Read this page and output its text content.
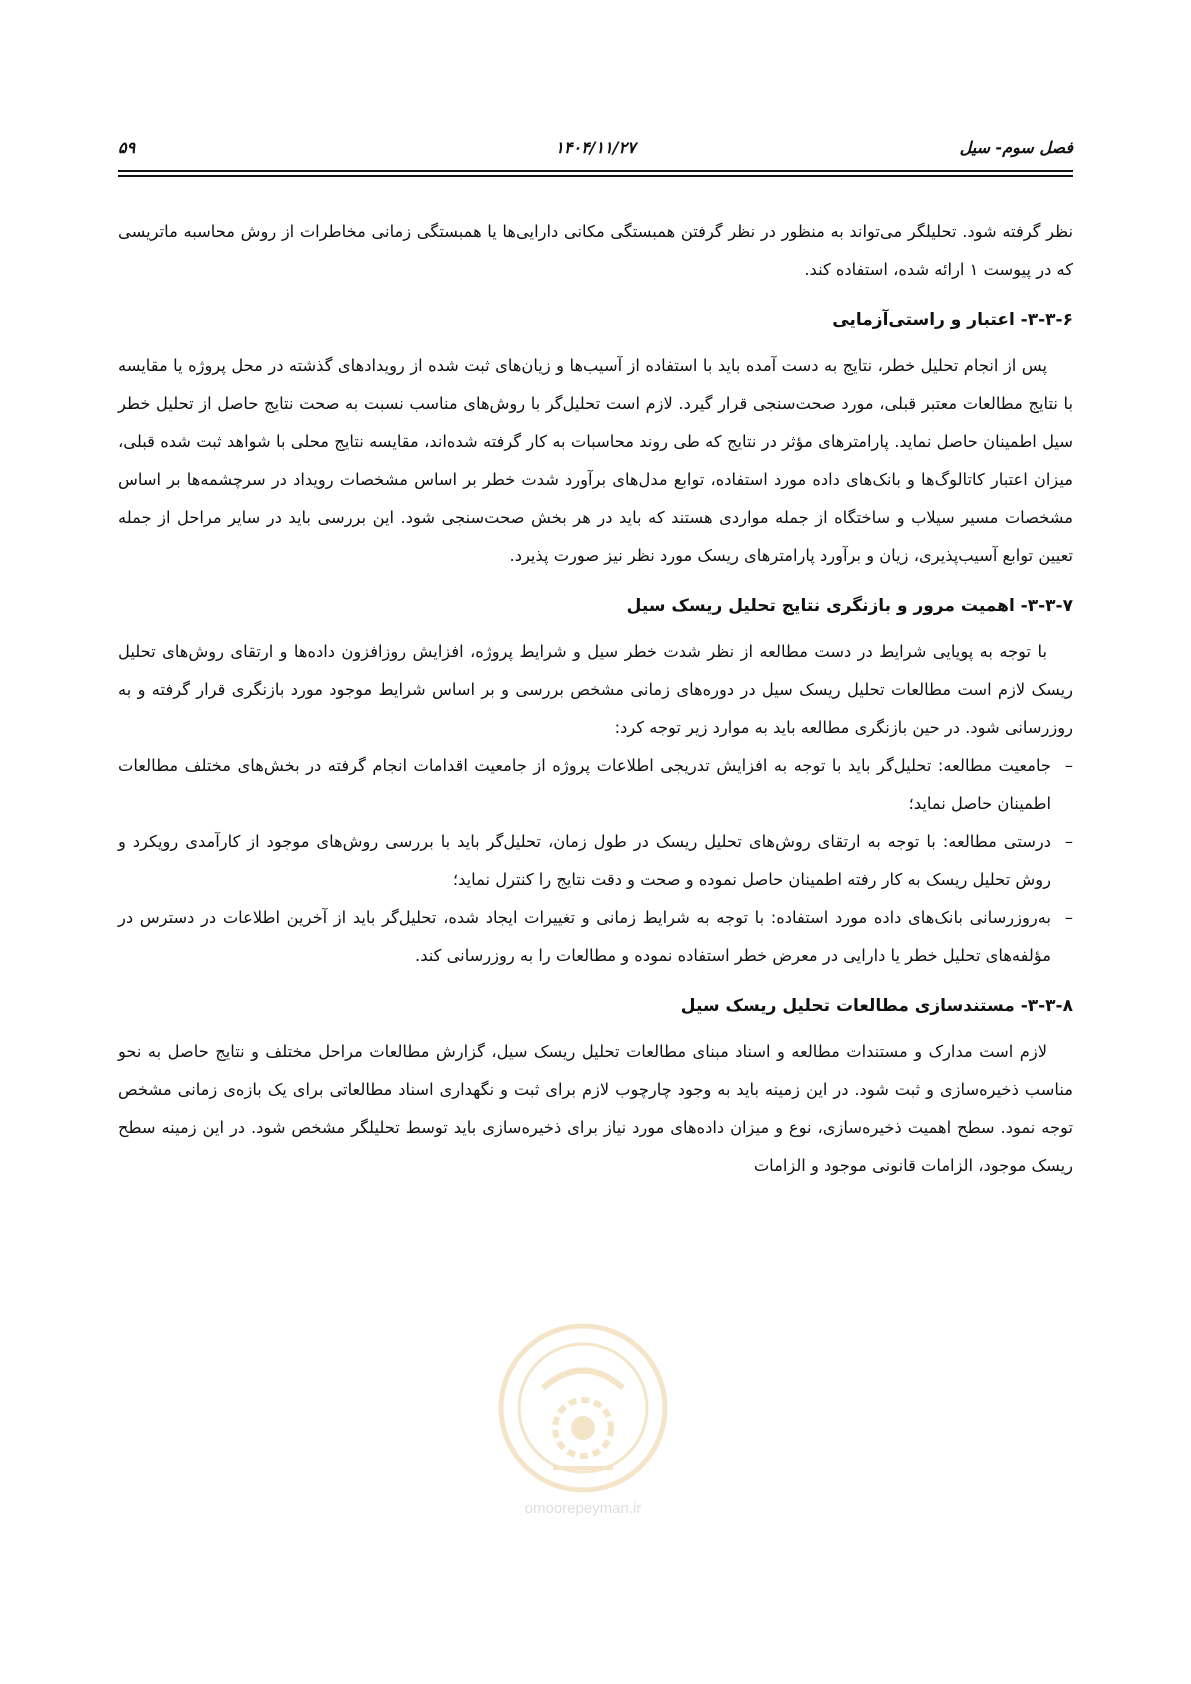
فصل سوم- سیل
۱۴۰۴/۱۱/۲۷
۵۹

نظر گرفته شود. تحلیلگر می‌تواند به منظور در نظر گرفتن همبستگی مکانی دارایی‌ها یا همبستگی زمانی مخاطرات از روش محاسبه ماتریسی که در پیوست ۱ ارائه شده، استفاده کند.

۳-۳-۶- اعتبار و راستی‌آزمایی

پس از انجام تحلیل خطر، نتایج به دست آمده باید با استفاده از آسیب‌ها و زیان‌های ثبت شده از رویدادهای گذشته در محل پروژه یا مقایسه با نتایج مطالعات معتبر قبلی، مورد صحت‌سنجی قرار گیرد. لازم است تحلیل‌گر با روش‌های مناسب نسبت به صحت نتایج حاصل از تحلیل خطر سیل اطمینان حاصل نماید. پارامترهای مؤثر در نتایج که طی روند محاسبات به کار گرفته شده‌اند، مقایسه نتایج محلی با شواهد ثبت شده قبلی، میزان اعتبار کاتالوگ‌ها و بانک‌های داده مورد استفاده، توابع مدل‌های برآورد شدت خطر بر اساس مشخصات رویداد در سرچشمه‌ها بر اساس مشخصات مسیر سیلاب و ساختگاه از جمله مواردی هستند که باید در هر بخش صحت‌سنجی شود. این بررسی باید در سایر مراحل از جمله تعیین توابع آسیب‌پذیری، زیان و برآورد پارامترهای ریسک مورد نظر نیز صورت پذیرد.

۳-۳-۷- اهمیت مرور و بازنگری نتایج تحلیل ریسک سیل

با توجه به پویایی شرایط در دست مطالعه از نظر شدت خطر سیل و شرایط پروژه، افزایش روزافزون داده‌ها و ارتقای روش‌های تحلیل ریسک لازم است مطالعات تحلیل ریسک سیل در دوره‌های زمانی مشخص بررسی و بر اساس شرایط موجود مورد بازنگری قرار گرفته و به روزرسانی شود. در حین بازنگری مطالعه باید به موارد زیر توجه کرد:

–
جامعیت مطالعه: تحلیل‌گر باید با توجه به افزایش تدریجی اطلاعات پروژه از جامعیت اقدامات انجام گرفته در بخش‌های مختلف مطالعات اطمینان حاصل نماید؛
–
درستی مطالعه: با توجه به ارتقای روش‌های تحلیل ریسک در طول زمان، تحلیل‌گر باید با بررسی روش‌های موجود از کارآمدی رویکرد و روش تحلیل ریسک به کار رفته اطمینان حاصل نموده و صحت و دقت نتایج را کنترل نماید؛
–
به‌روزرسانی بانک‌های داده مورد استفاده: با توجه به شرایط زمانی و تغییرات ایجاد شده، تحلیل‌گر باید از آخرین اطلاعات در دسترس در مؤلفه‌های تحلیل خطر یا دارایی در معرض خطر استفاده نموده و مطالعات را به روزرسانی کند.
۳-۳-۸- مستندسازی مطالعات تحلیل ریسک سیل

لازم است مدارک و مستندات مطالعه و اسناد مبنای مطالعات تحلیل ریسک سیل، گزارش مطالعات مراحل مختلف و نتایج حاصل به نحو مناسب ذخیره‌سازی و ثبت شود. در این زمینه باید به وجود چارچوب لازم برای ثبت و نگهداری اسناد مطالعاتی برای یک بازه‌ی زمانی مشخص توجه نمود. سطح اهمیت ذخیره‌سازی، نوع و میزان داده‌های مورد نیاز برای ذخیره‌سازی باید توسط تحلیلگر مشخص شود. در این زمینه سطح ریسک موجود، الزامات قانونی موجود و الزامات

omoorepeyman.ir
